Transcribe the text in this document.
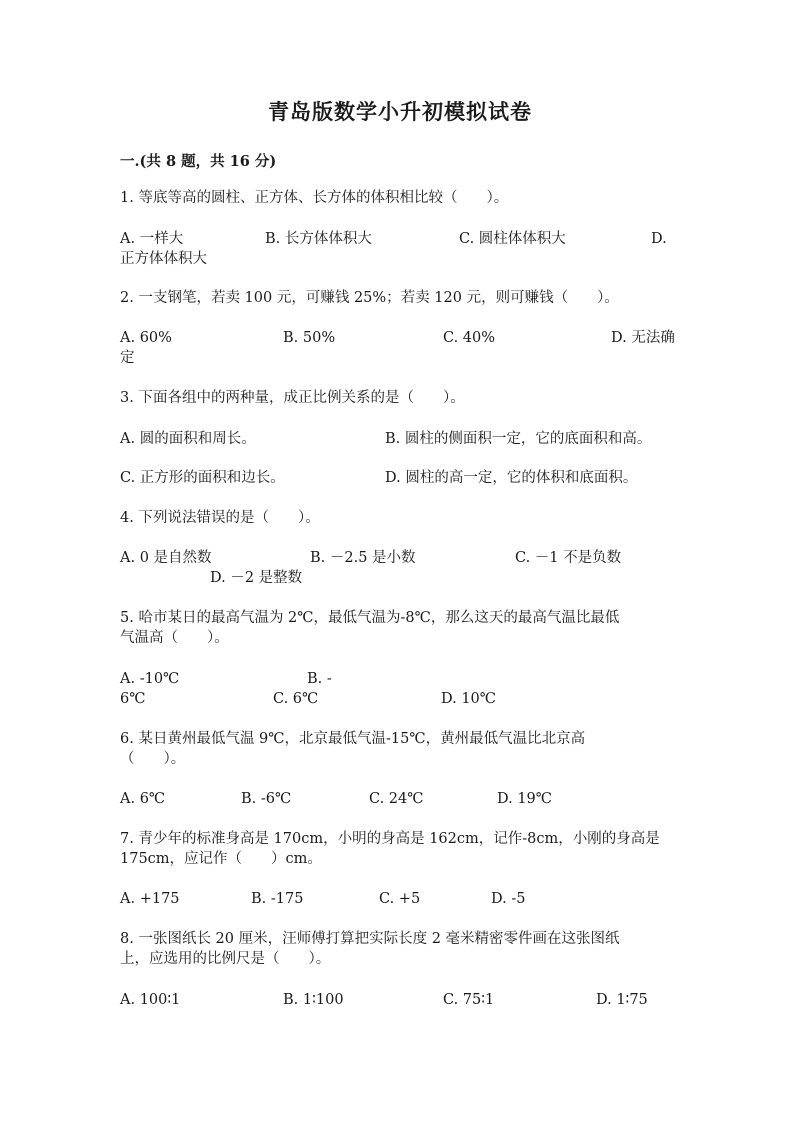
青岛版数学小升初模拟试卷
一.(共 8 题，共 16 分)
1. 等底等高的圆柱、正方体、长方体的体积相比较（　　）。
A. 一样大	B. 长方体体积大	C. 圆柱体体积大	D.
正方体体积大
2. 一支钢笔，若卖 100 元，可赚钱 25%；若卖 120 元，则可赚钱（　　）。
A. 60%	B. 50%	C. 40%	D. 无法确
定
3. 下面各组中的两种量，成正比例关系的是（　　）。
A. 圆的面积和周长。	B. 圆柱的侧面积一定，它的底面积和高。
C. 正方形的面积和边长。	D. 圆柱的高一定，它的体积和底面积。
4. 下列说法错误的是（　　）。
A. 0 是自然数	B. －2.5 是小数	C. －1 不是负数
D. －2 是整数
5. 哈市某日的最高气温为 2℃，最低气温为-8℃，那么这天的最高气温比最低
气温高（　　）。
A. -10℃	B. -
6℃	C. 6℃	D. 10℃
6. 某日黄州最低气温 9℃，北京最低气温-15℃，黄州最低气温比北京高
（　　）。
A. 6℃	B. -6℃	C. 24℃	D. 19℃
7. 青少年的标准身高是 170cm，小明的身高是 162cm，记作-8cm，小刚的身高是
175cm，应记作（　　）cm。
A. +175	B. -175	C. +5	D. -5
8. 一张图纸长 20 厘米，汪师傅打算把实际长度 2 毫米精密零件画在这张图纸
上，应选用的比例尺是（　　）。
A. 100∶1	B. 1∶100	C. 75∶1	D. 1∶75
